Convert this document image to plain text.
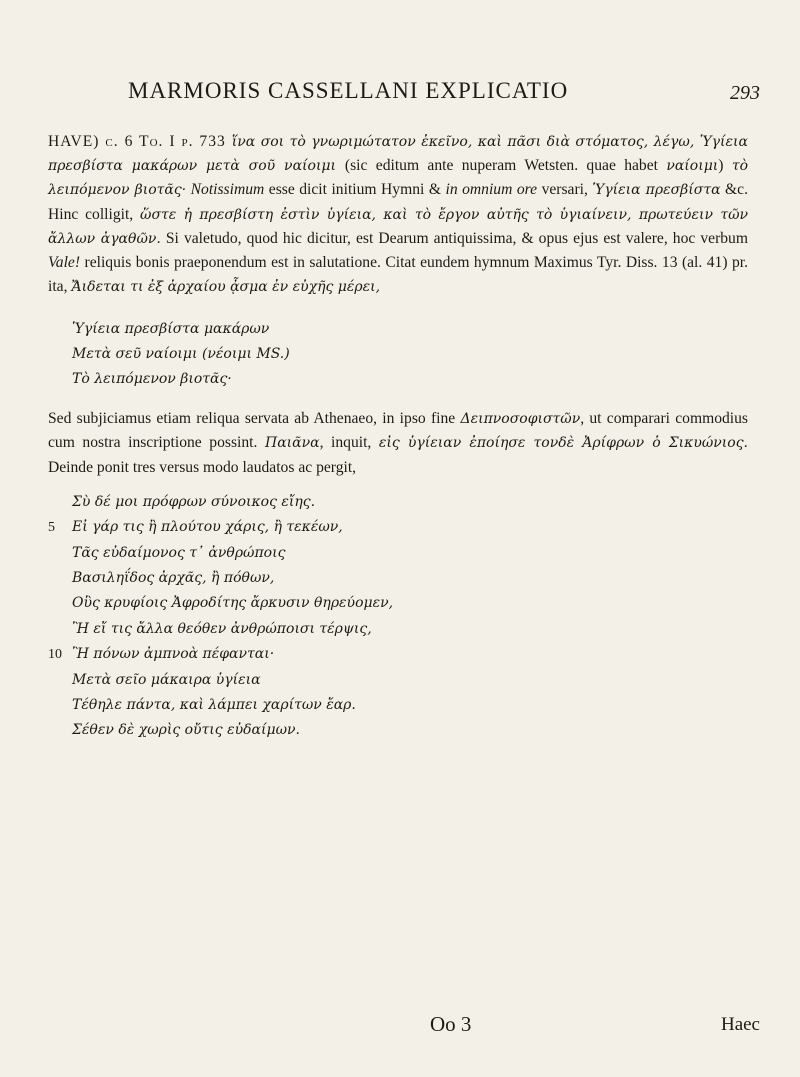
MARMORIS CASSELLANI EXPLICATIO	293

HAVE) c. 6 To. I p. 733 ἵνα σοι τὸ γνωριμώτατον ἐκεῖνο, καὶ πᾶσι διὰ στόματος, λέγω, Ὑγίεια πρεσβίστα μακάρων μετὰ σοῦ ναίοιμι (sic editum ante nuperam Wetsten. quae habet ναίοιμι) τὸ λειπόμενον βιοτᾶς· Notissimum esse dicit initium Hymni & in omnium ore versari, Ὑγίεια πρεσβίστα &c. Hinc colligit, ὥστε ἡ πρεσβίστη ἐστὶν ὑγίεια, καὶ τὸ ἔργον αὐτῆς τὸ ὑγιαίνειν, πρωτεύειν τῶν ἄλλων ἀγαθῶν. Si valetudo, quod hic dicitur, est Dearum antiquissima, & opus ejus est valere, hoc verbum Vale! reliquis bonis praeponendum est in salutatione. Citat eundem hymnum Maximus Tyr. Diss. 13 (al. 41) pr. ita, Ἄιδεται τι ἐξ ἀρχαίου ᾆσμα ἐν εὐχῆς μέρει,

Ὑγίεια πρεσβίστα μακάρων
Μετὰ σεῦ ναίοιμι (νέοιμι MS.)
Τὸ λειπόμενον βιοτᾶς·

Sed subjiciamus etiam reliqua servata ab Athenaeo, in ipso fine Δειπνοσοφιστῶν, ut comparari commodius cum nostra inscriptione possint. Παιᾶνα, inquit, εἰς ὑγίειαν ἐποίησε τονδὲ Ἀρίφρων ὁ Σικυώνιος. Deinde ponit tres versus modo laudatos ac pergit,

Σὺ δέ μοι πρόφρων σύνοικος εἴης.
5 Εἰ γάρ τις ἢ πλούτου χάρις, ἢ τεκέων,
Τᾶς εὐδαίμονος τ᾽ ἀνθρώποις
Βασιληΐδος ἀρχᾶς, ἢ πόθων,
Οὓς κρυφίοις Ἀφροδίτης ἄρκυσιν θηρεύομεν,
Ἢ εἴ τις ἄλλα θεόθεν ἀνθρώποισι τέρψις,
10 Ἢ πόνων ἀμπνοὰ πέφανται·
Μετὰ σεῖο μάκαιρα ὑγίεια
Τέθηλε πάντα, καὶ λάμπει χαρίτων ἔαρ.
Σέθεν δὲ χωρὶς οὔτις εὐδαίμων.
Oo 3	Haec
